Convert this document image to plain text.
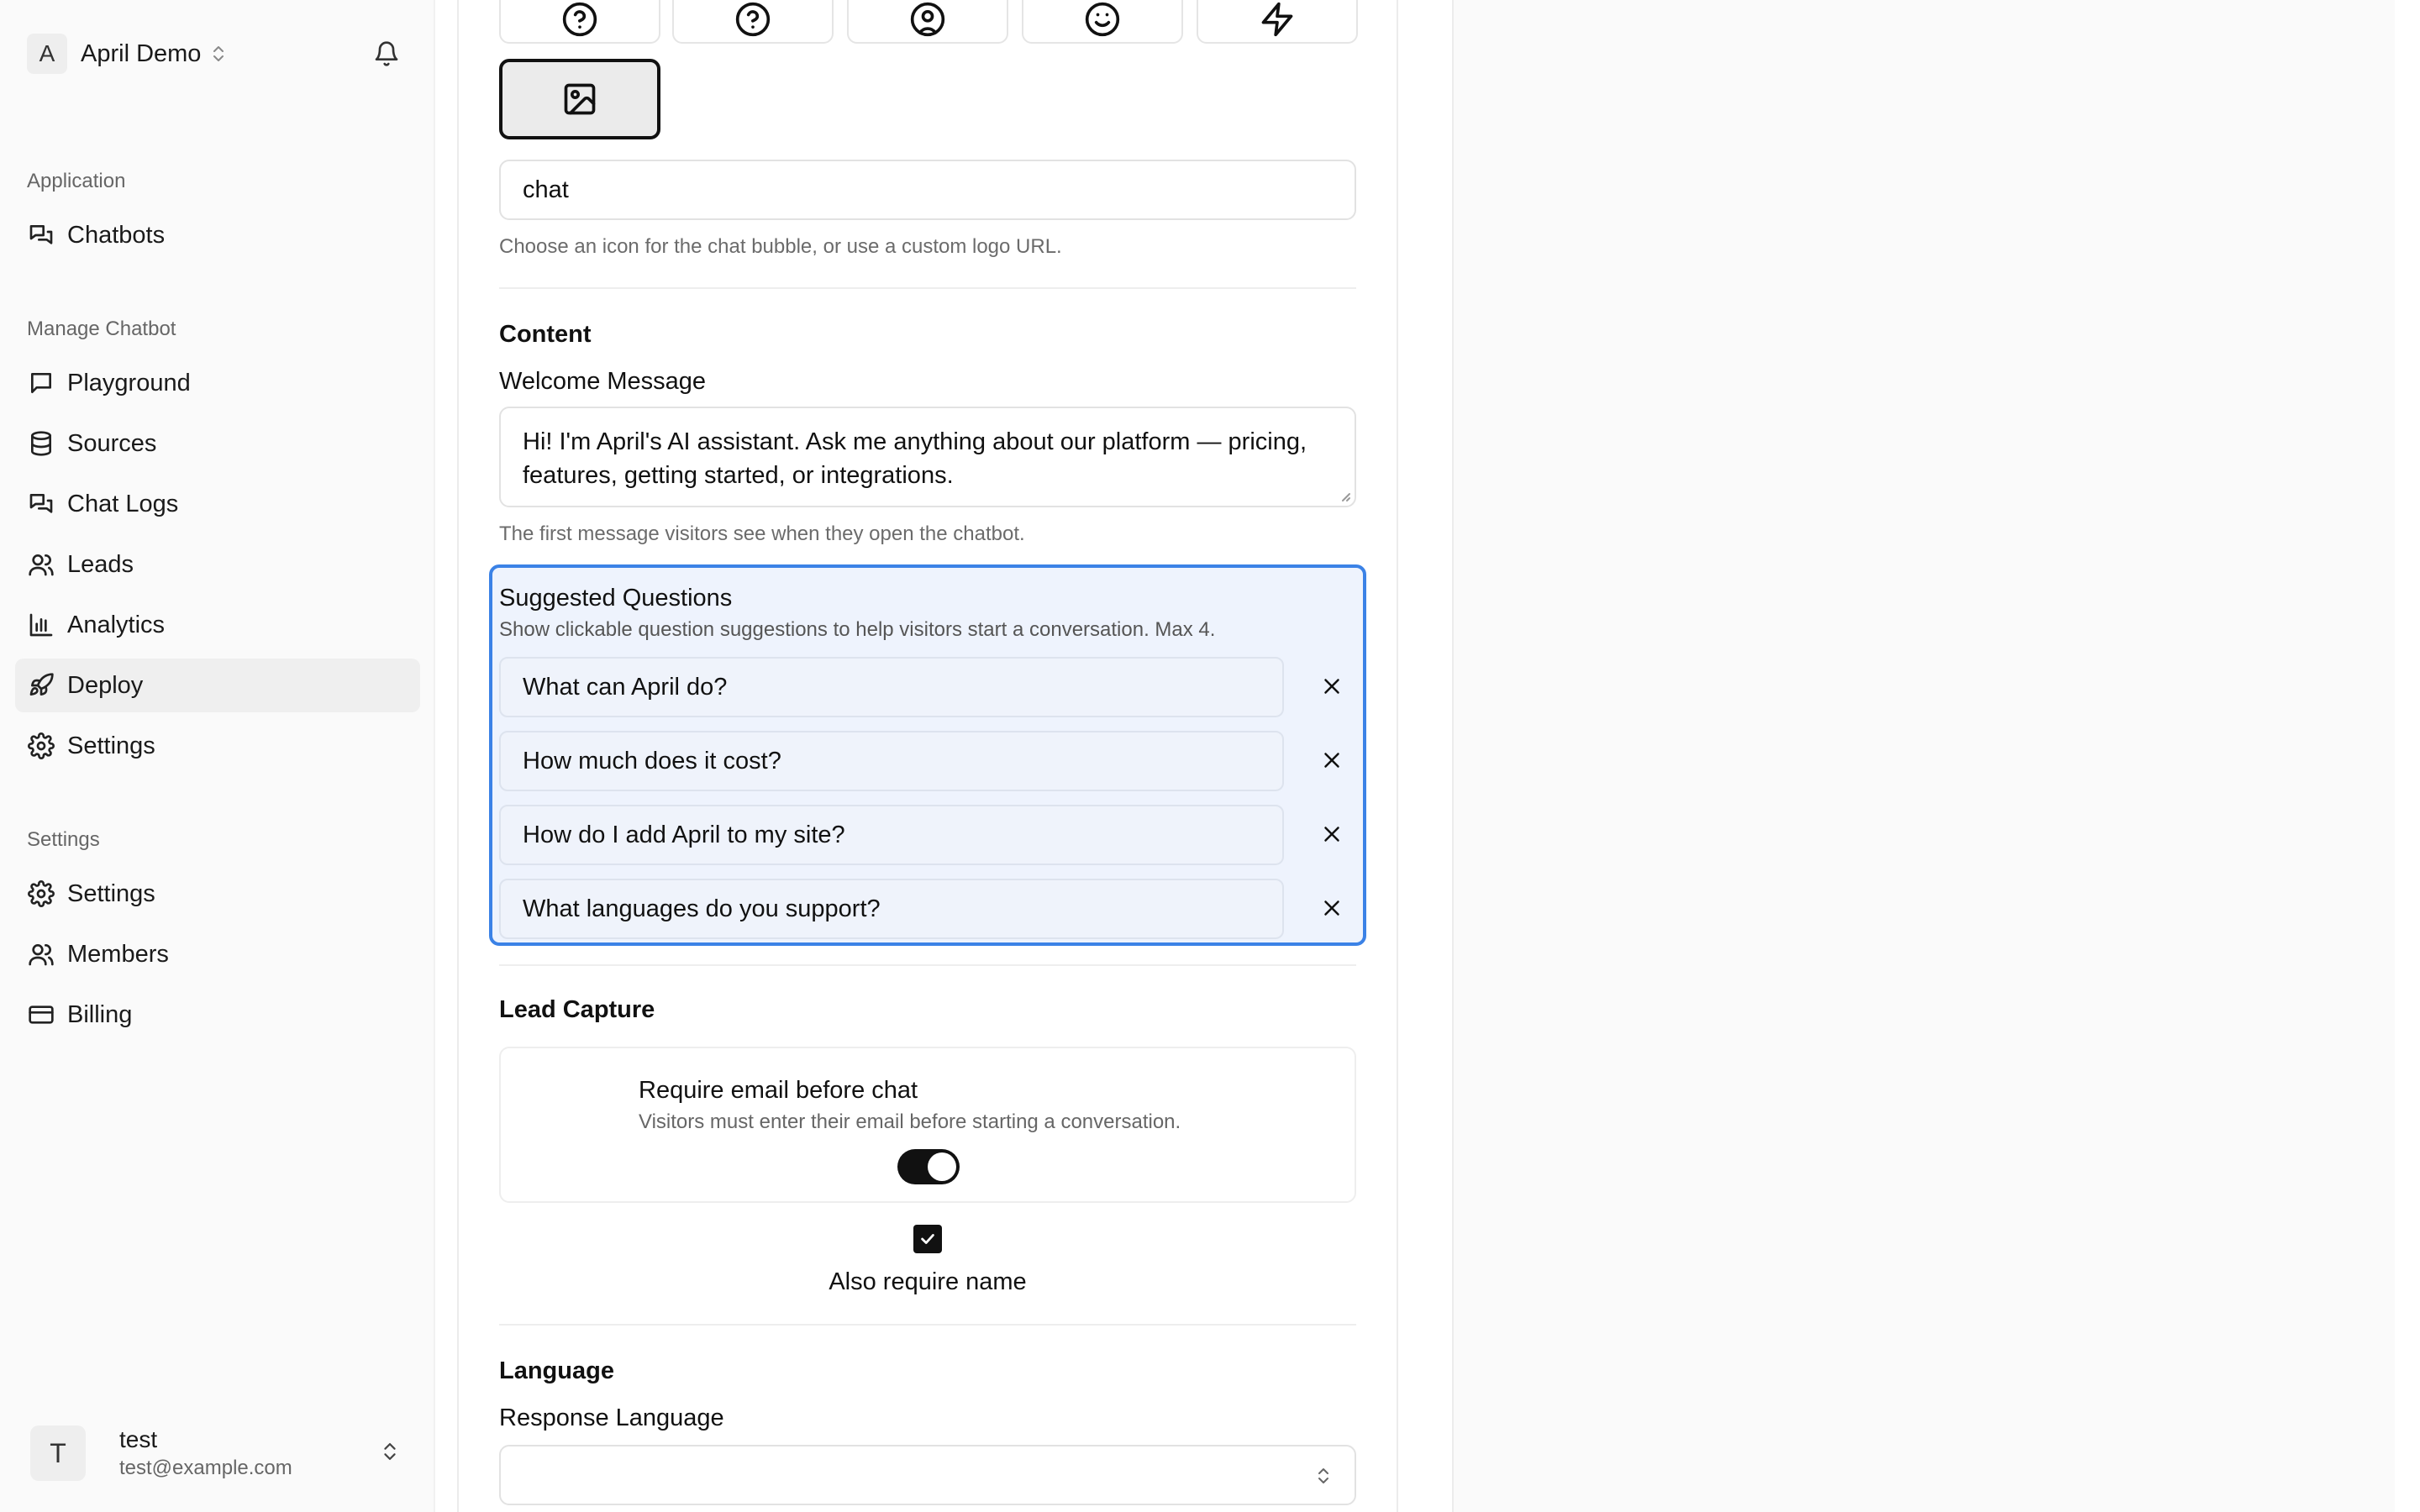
A	April Demo
Application
Chatbots
Manage Chatbot
Playground
Sources
Chat Logs
Leads
Analytics
Deploy
Settings
Settings
Settings
Members
Billing
T	test
test@example.com
chat
Choose an icon for the chat bubble, or use a custom logo URL.
Content
Welcome Message
Hi! I'm April's AI assistant. Ask me anything about our platform — pricing,
features, getting started, or integrations.
The first message visitors see when they open the chatbot.
Suggested Questions
Show clickable question suggestions to help visitors start a conversation. Max 4.
What can April do?
How much does it cost?
How do I add April to my site?
What languages do you support?
Lead Capture
Require email before chat
Visitors must enter their email before starting a conversation.
Also require name
Language
Response Language
